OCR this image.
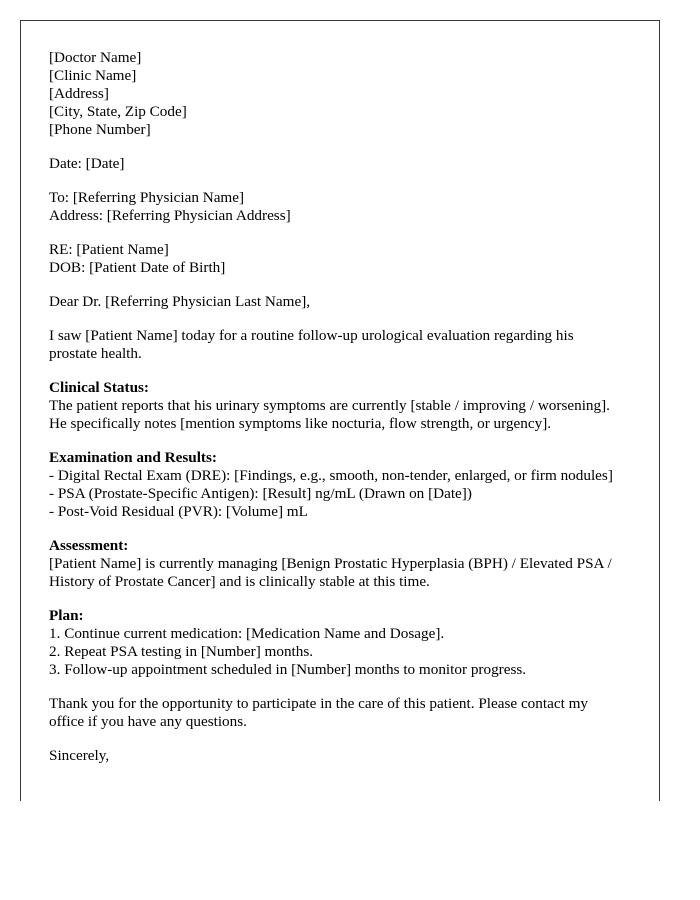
[Doctor Name]
[Clinic Name]
[Address]
[City, State, Zip Code]
[Phone Number]
Date: [Date]
To: [Referring Physician Name]
Address: [Referring Physician Address]
RE: [Patient Name]
DOB: [Patient Date of Birth]
Dear Dr. [Referring Physician Last Name],
I saw [Patient Name] today for a routine follow-up urological evaluation regarding his prostate health.
Clinical Status:
The patient reports that his urinary symptoms are currently [stable / improving / worsening]. He specifically notes [mention symptoms like nocturia, flow strength, or urgency].
Examination and Results:
- Digital Rectal Exam (DRE): [Findings, e.g., smooth, non-tender, enlarged, or firm nodules]
- PSA (Prostate-Specific Antigen): [Result] ng/mL (Drawn on [Date])
- Post-Void Residual (PVR): [Volume] mL
Assessment:
[Patient Name] is currently managing [Benign Prostatic Hyperplasia (BPH) / Elevated PSA / History of Prostate Cancer] and is clinically stable at this time.
Plan:
1. Continue current medication: [Medication Name and Dosage].
2. Repeat PSA testing in [Number] months.
3. Follow-up appointment scheduled in [Number] months to monitor progress.
Thank you for the opportunity to participate in the care of this patient. Please contact my office if you have any questions.
Sincerely,
